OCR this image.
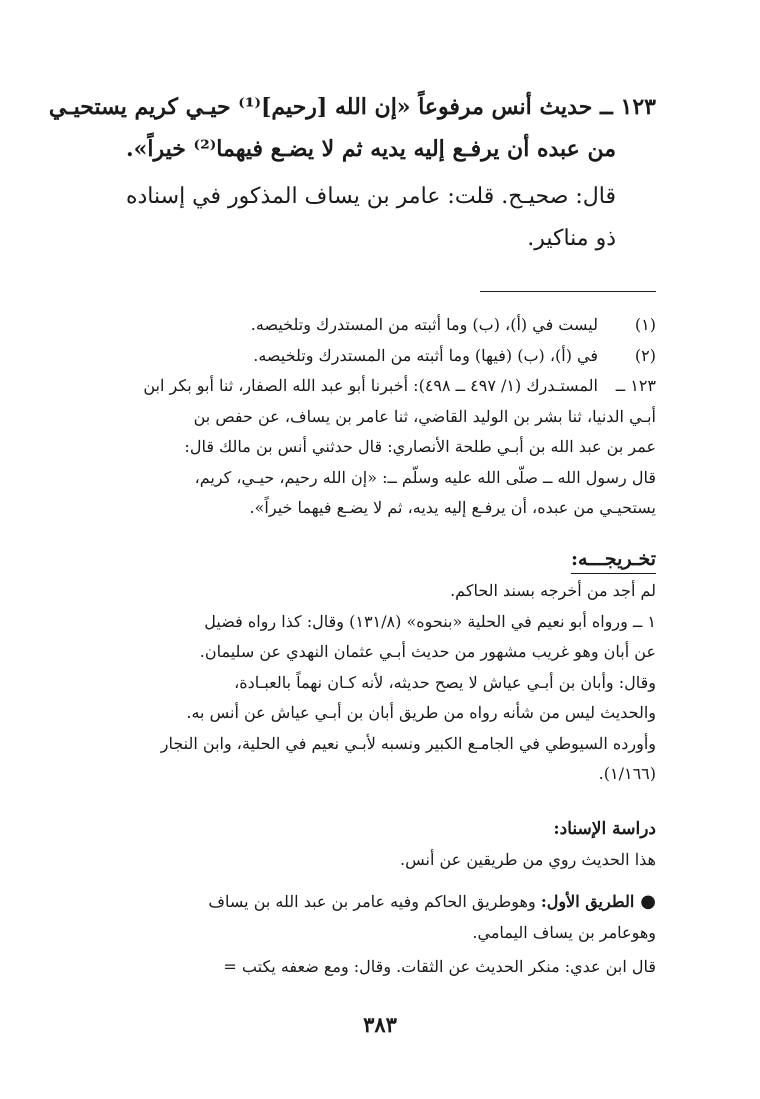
١٢٣ ــ حديث أنس مرفوعاً «إن الله [رحيم]⁽¹⁾ حيـي كريم يستحيـي
من عبده أن يرفـع إليه يديه ثم لا يضـع فيهما⁽²⁾ خيراً».
قال: صحيـح. قلت: عامر بن يساف المذكور في إسناده
ذو مناكير.
(١)
ليست في (أ)، (ب) وما أثبته من المستدرك وتلخيصه.
(٢)
في (أ)، (ب) (فيها) وما أثبته من المستدرك وتلخيصه.
١٢٣ ــ
المستـدرك (١/ ٤٩٧ ــ ٤٩٨): أخبرنا أبو عبد الله الصفار، ثنا أبو بكر ابن
أبـي الدنيا، ثنا بشر بن الوليد القاضي، ثنا عامر بن يساف، عن حفص بن
عمر بن عبد الله بن أبـي طلحة الأنصاري: قال حدثني أنس بن مالك قال:
قال رسول الله ــ صلّى الله عليه وسلّم ــ: «إن الله رحيم، حيـي، كريم،
يستحيـي من عبده، أن يرفـع إليه يديه، ثم لا يضـع فيهما خيراً».
تخـريجـــه:
لم أجد من أخرجه بسند الحاكم.
١ ــ ورواه أبو نعيم في الحلية «بنحوه» (١٣١/٨) وقال: كذا رواه فضيل
عن أبان وهو غريب مشهور من حديث أبـي عثمان النهدي عن سليمان.
وقال: وأبان بن أبـي عياش لا يصح حديثه، لأنه كـان نهماً بالعبـادة،
والحديث ليس من شأنه رواه من طريق أبان بن أبـي عياش عن أنس به.
وأورده السيوطي في الجامـع الكبير ونسبه لأبـي نعيم في الحلية، وابن النجار
(١/١٦٦).
دراسة الإسناد:
هذا الحديث روي من طريقين عن أنس.
●الطريق الأول: وهوطريق الحاكم وفيه عامر بن عبد الله بن يساف
وهوعامر بن يساف اليمامي.
قال ابن عدي: منكر الحديث عن الثقات. وقال: ومع ضعفه يكتب =
٣٨٣
